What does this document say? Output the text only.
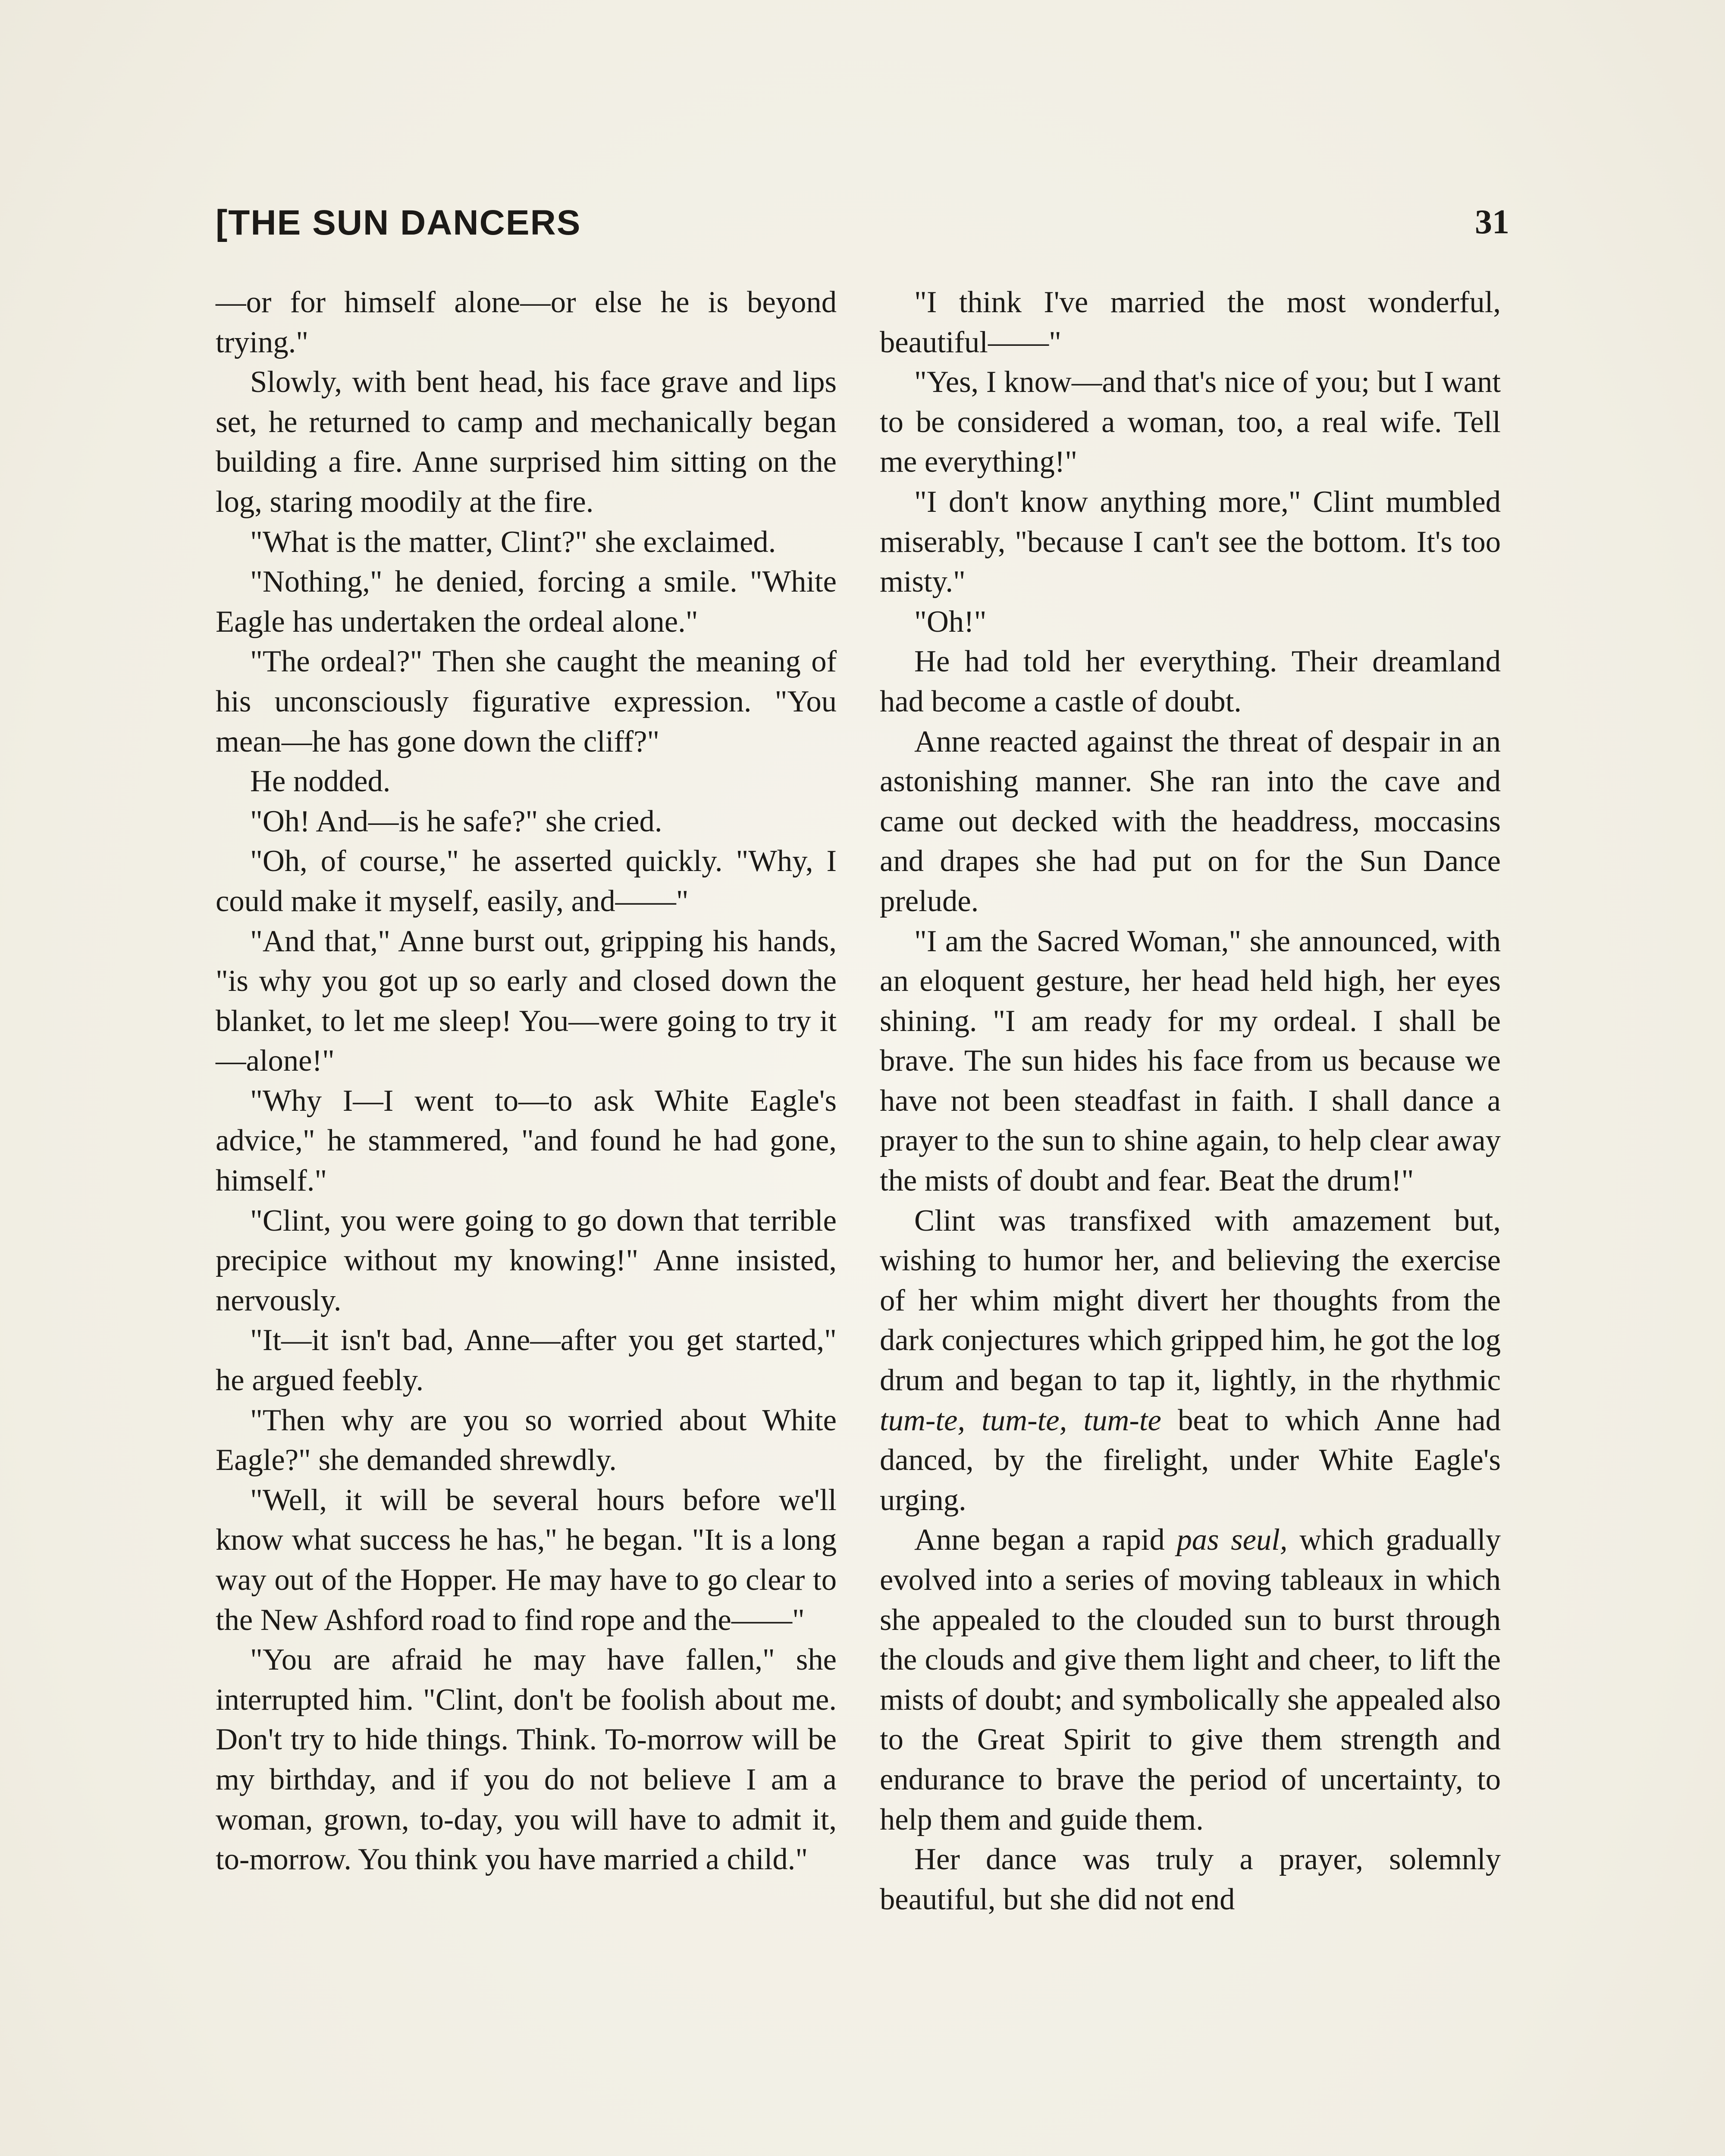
[THE SUN DANCERS	31

—or for himself alone—or else he is beyond trying."

Slowly, with bent head, his face grave and lips set, he returned to camp and mechanically began building a fire. Anne surprised him sitting on the log, staring moodily at the fire.

"What is the matter, Clint?" she exclaimed.

"Nothing," he denied, forcing a smile. "White Eagle has undertaken the ordeal alone."

"The ordeal?" Then she caught the meaning of his unconsciously figurative expression. "You mean—he has gone down the cliff?"

He nodded.

"Oh! And—is he safe?" she cried.

"Oh, of course," he asserted quickly. "Why, I could make it myself, easily, and——"

"And that," Anne burst out, gripping his hands, "is why you got up so early and closed down the blanket, to let me sleep! You—were going to try it—alone!"

"Why I—I went to—to ask White Eagle's advice," he stammered, "and found he had gone, himself."

"Clint, you were going to go down that terrible precipice without my knowing!" Anne insisted, nervously.

"It—it isn't bad, Anne—after you get started," he argued feebly.

"Then why are you so worried about White Eagle?" she demanded shrewdly.

"Well, it will be several hours before we'll know what success he has," he began. "It is a long way out of the Hopper. He may have to go clear to the New Ashford road to find rope and the——"

"You are afraid he may have fallen," she interrupted him. "Clint, don't be foolish about me. Don't try to hide things. Think. To-morrow will be my birthday, and if you do not believe I am a woman, grown, to-day, you will have to admit it, to-morrow. You think you have married a child."

"I think I've married the most wonderful, beautiful——"

"Yes, I know—and that's nice of you; but I want to be considered a woman, too, a real wife. Tell me everything!"

"I don't know anything more," Clint mumbled miserably, "because I can't see the bottom. It's too misty."

"Oh!"

He had told her everything. Their dreamland had become a castle of doubt.

Anne reacted against the threat of despair in an astonishing manner. She ran into the cave and came out decked with the headdress, moccasins and drapes she had put on for the Sun Dance prelude.

"I am the Sacred Woman," she announced, with an eloquent gesture, her head held high, her eyes shining. "I am ready for my ordeal. I shall be brave. The sun hides his face from us because we have not been steadfast in faith. I shall dance a prayer to the sun to shine again, to help clear away the mists of doubt and fear. Beat the drum!"

Clint was transfixed with amazement but, wishing to humor her, and believing the exercise of her whim might divert her thoughts from the dark conjectures which gripped him, he got the log drum and began to tap it, lightly, in the rhythmic tum-te, tum-te, tum-te beat to which Anne had danced, by the firelight, under White Eagle's urging.

Anne began a rapid pas seul, which gradually evolved into a series of moving tableaux in which she appealed to the clouded sun to burst through the clouds and give them light and cheer, to lift the mists of doubt; and symbolically she appealed also to the Great Spirit to give them strength and endurance to brave the period of uncertainty, to help them and guide them.

Her dance was truly a prayer, solemnly beautiful, but she did not end
